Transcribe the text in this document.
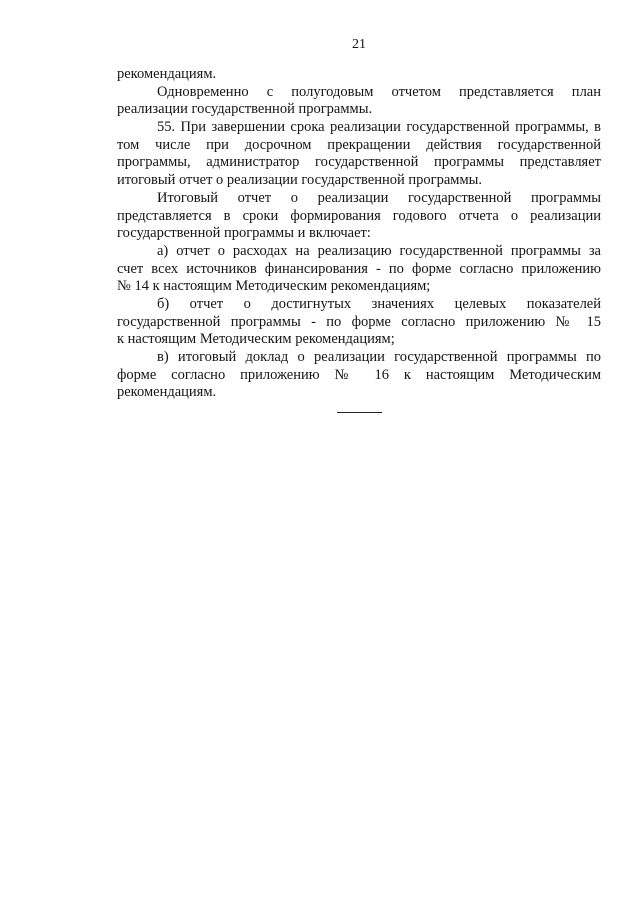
21
рекомендациям.
Одновременно с полугодовым отчетом представляется план
реализации государственной программы.
55. При завершении срока реализации государственной программы, в
том числе при досрочном прекращении действия государственной
программы, администратор государственной программы представляет
итоговый отчет о реализации государственной программы.
Итоговый отчет о реализации государственной программы
представляется в сроки формирования годового отчета о реализации
государственной программы и включает:
а) отчет о расходах на реализацию государственной программы за
счет всех источников финансирования - по форме согласно приложению
№ 14 к настоящим Методическим рекомендациям;
б) отчет о достигнутых значениях целевых показателей
государственной программы - по форме согласно приложению № 15
к настоящим Методическим рекомендациям;
в) итоговый доклад о реализации государственной программы по
форме согласно приложению № 16 к настоящим Методическим
рекомендациям.
